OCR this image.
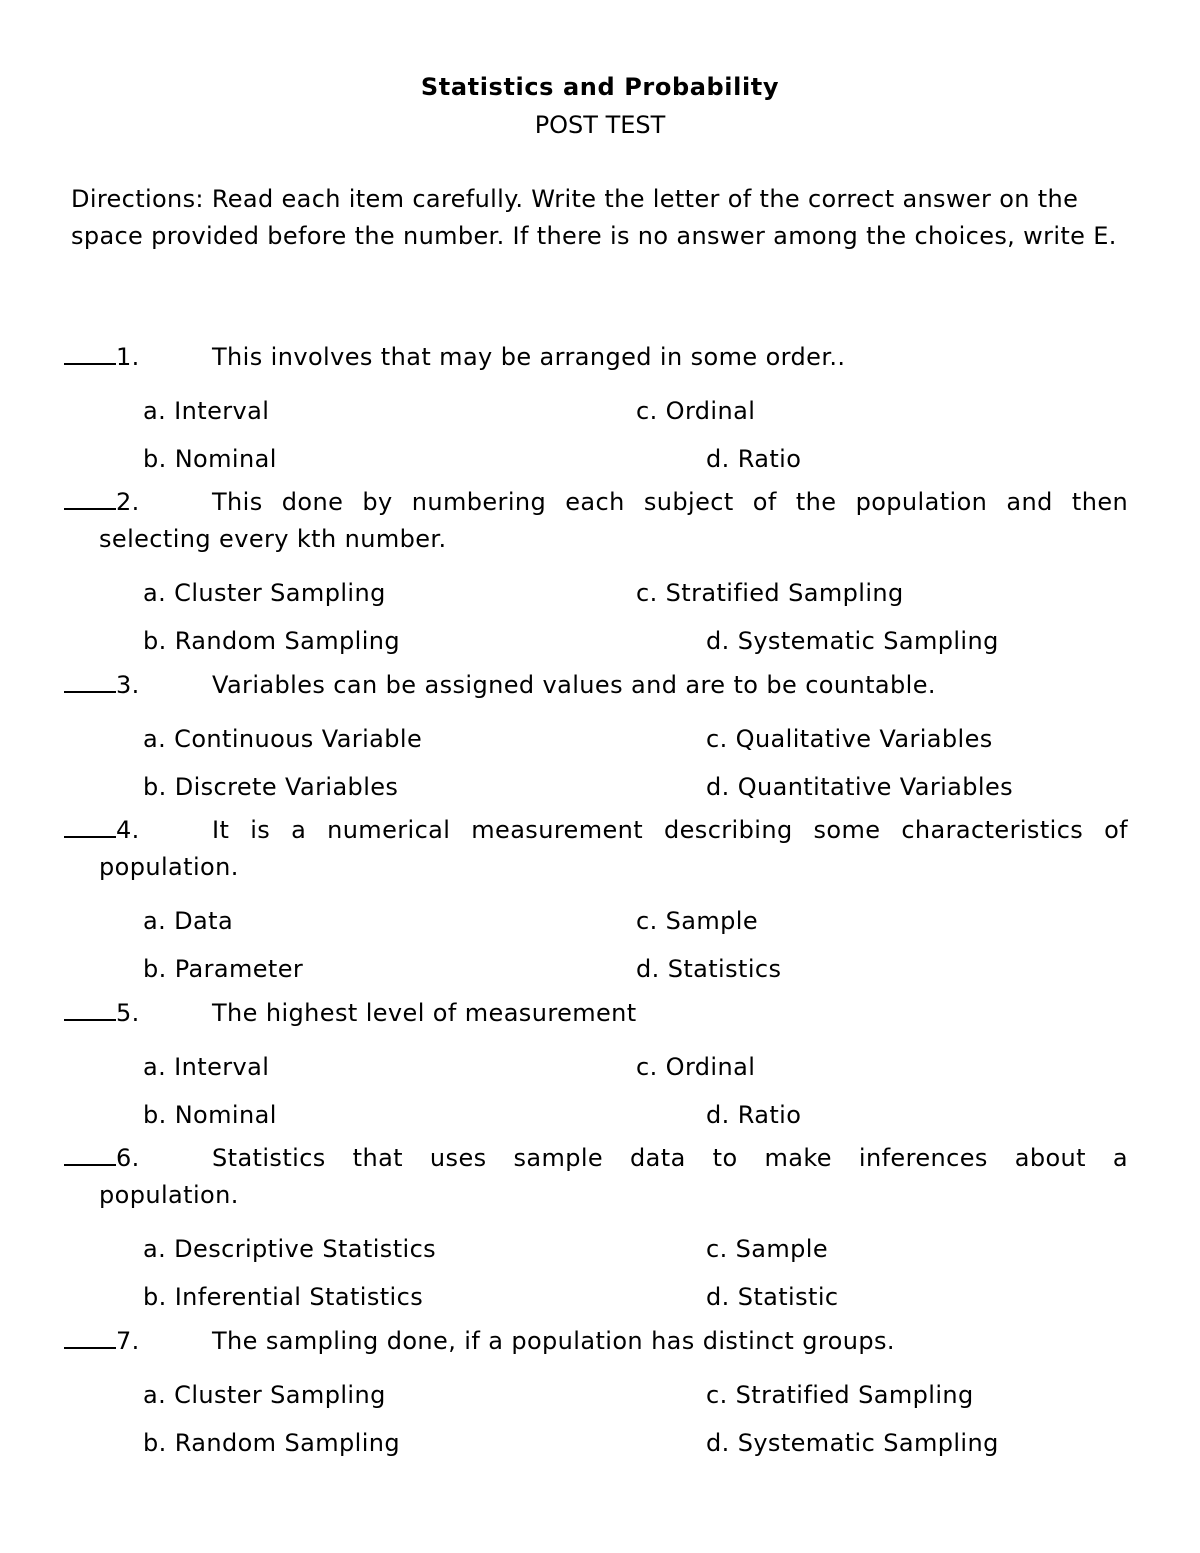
Statistics and Probability
POST TEST
Directions: Read each item carefully. Write the letter of the correct answer on the space provided before the number. If there is no answer among the choices, write E.
1.	This involves that may be arranged in some order..
a. Interval	c. Ordinal
b. Nominal	d. Ratio
2.	This done by numbering each subject of the population and then
selecting every kth number.
a. Cluster Sampling	c. Stratified Sampling
b. Random Sampling	d. Systematic Sampling
3.	Variables can be assigned values and are to be countable.
a. Continuous Variable	c. Qualitative Variables
b. Discrete Variables	d. Quantitative Variables
4.	It is a numerical measurement describing some characteristics of
population.
a. Data	c. Sample
b. Parameter	d. Statistics
5.	The highest level of measurement
a. Interval	c. Ordinal
b. Nominal	d. Ratio
6.	Statistics that uses sample data to make inferences about a
population.
a. Descriptive Statistics	c. Sample
b. Inferential Statistics	d. Statistic
7.	The sampling done, if a population has distinct groups.
a. Cluster Sampling	c. Stratified Sampling
b. Random Sampling	d. Systematic Sampling
